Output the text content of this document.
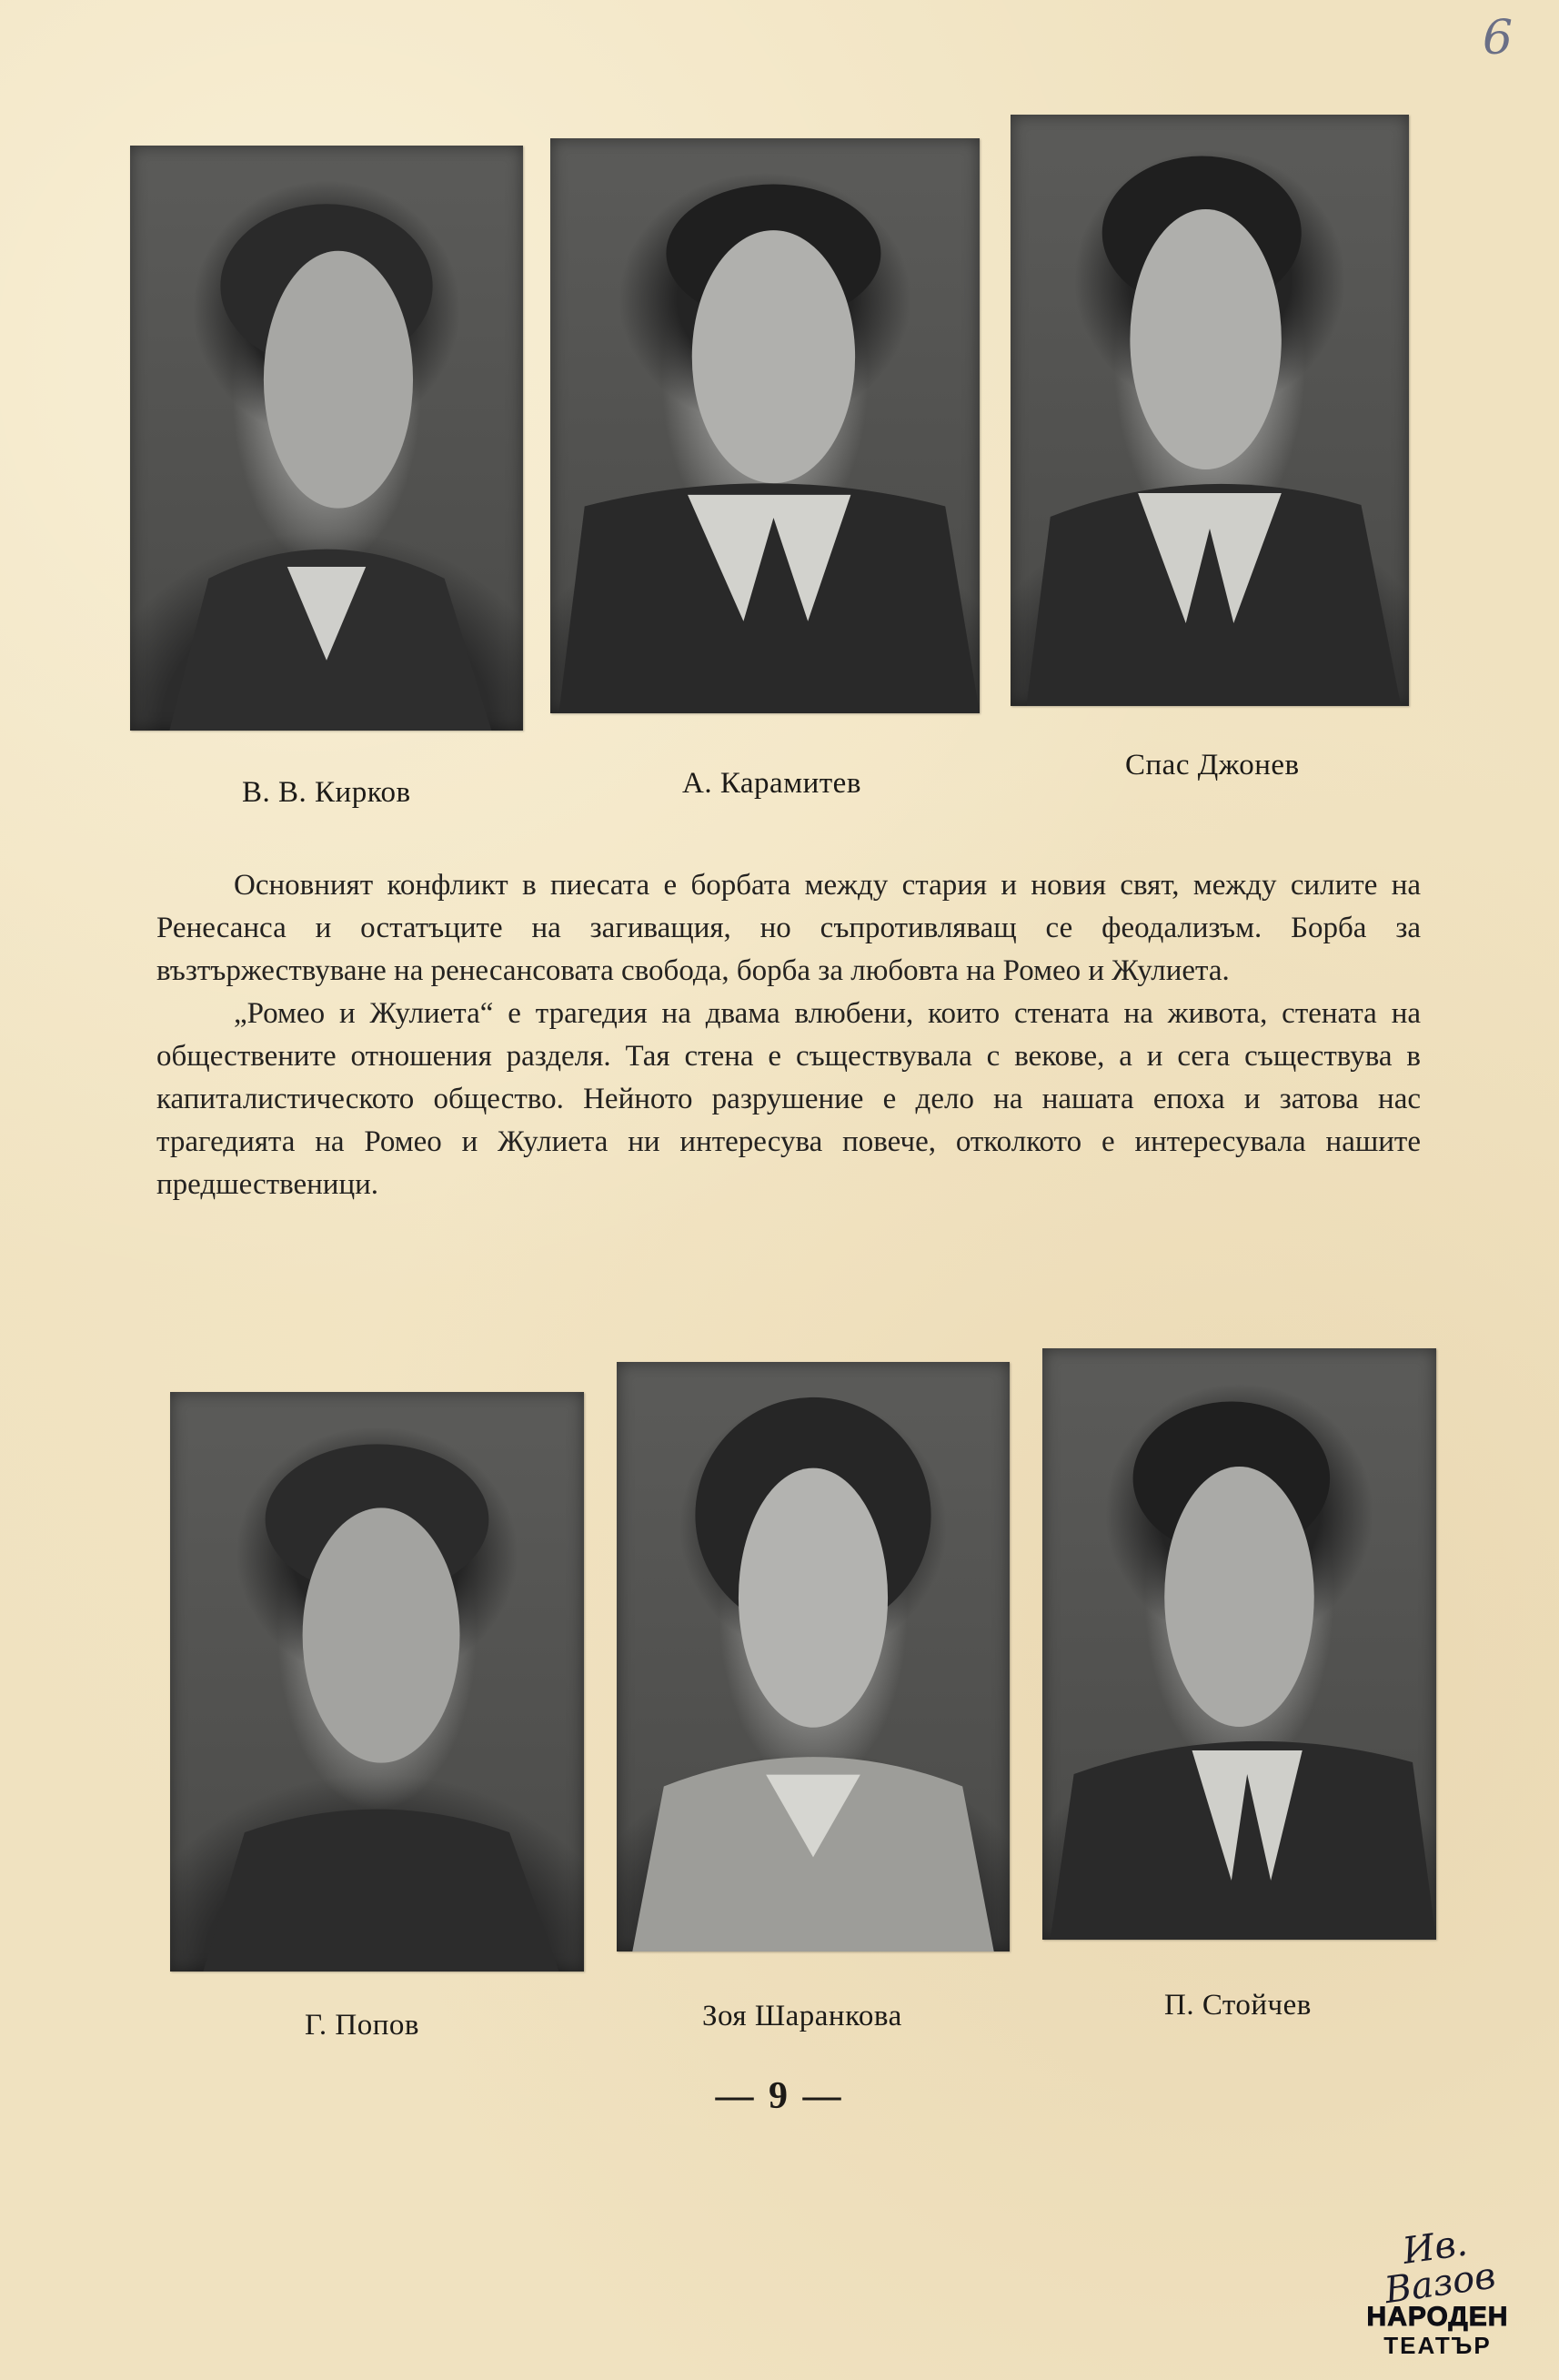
6
В. В. Кирков	А. Карамитев
Спас Джонев

Основният конфликт в пиесата е борбата между стария и новия свят, между силите на Ренесанса и остатъците на загиващия, но съпротивляващ се феодализъм. Борба за възтържествуване на ренесансовата свобода, борба за любовта на Ромео и Жулиета.

„Ромео и Жулиета“ е трагедия на двама влюбени, които стената на живота, стената на обществените отношения разделя. Тая стена е съществувала с векове, а и сега съществува в капиталистическото общество. Нейното разрушение е дело на нашата епоха и затова нас трагедията на Ромео и Жулиета ни интересува повече, отколкото е интересувала нашите предшественици.

Г. Попов	Зоя Шаранкова	П. Стойчев
— 9 —
Ив. Вазов
НАРОДЕН
ТЕАТЪР
